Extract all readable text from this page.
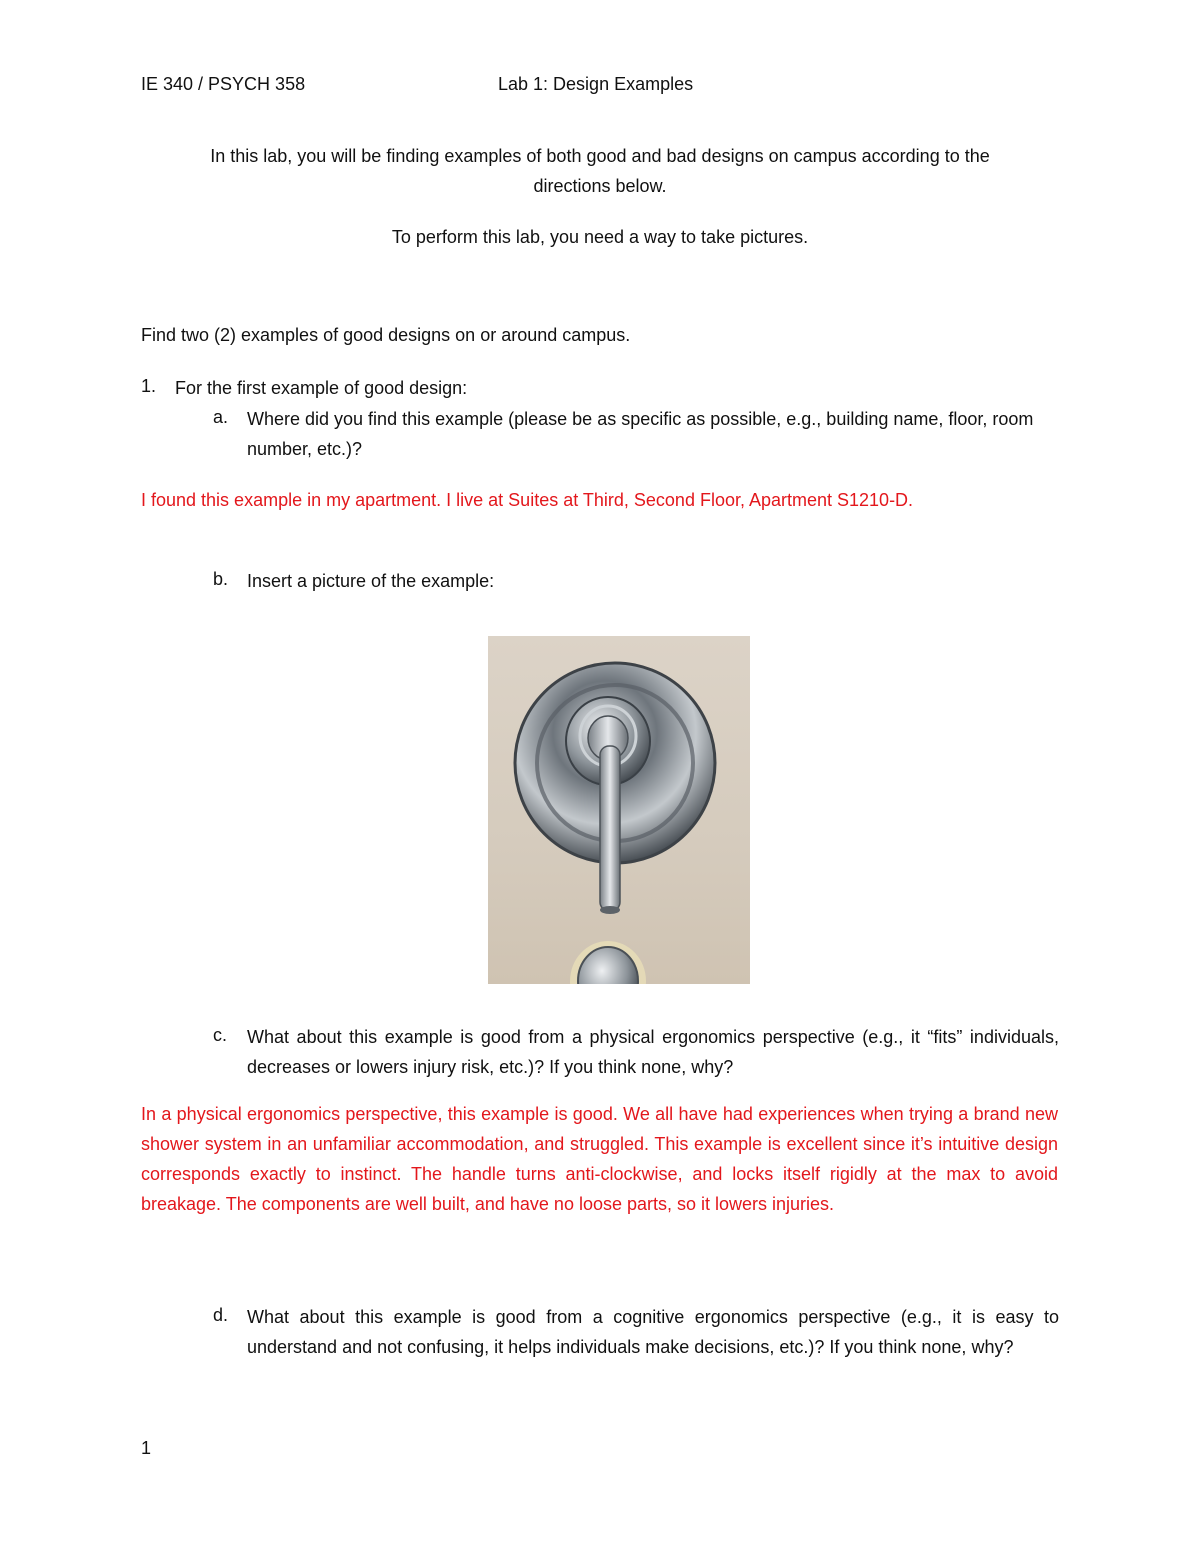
IE 340 / PSYCH 358	Lab 1: Design Examples
In this lab, you will be finding examples of both good and bad designs on campus according to the
directions below.
To perform this lab, you need a way to take pictures.
Find two (2) examples of good designs on or around campus.
1. For the first example of good design:
a. Where did you find this example (please be as specific as possible, e.g., building name, floor, room number, etc.)?
I found this example in my apartment. I live at Suites at Third, Second Floor, Apartment S1210-D.
b. Insert a picture of the example:
c. What about this example is good from a physical ergonomics perspective (e.g., it “fits” individuals, decreases or lowers injury risk, etc.)? If you think none, why?
In a physical ergonomics perspective, this example is good. We all have had experiences when trying a brand new shower system in an unfamiliar accommodation, and struggled. This example is excellent since it’s intuitive design corresponds exactly to instinct. The handle turns anti-clockwise, and locks itself rigidly at the max to avoid breakage. The components are well built, and have no loose parts, so it lowers injuries.
d. What about this example is good from a cognitive ergonomics perspective (e.g., it is easy to understand and not confusing, it helps individuals make decisions, etc.)? If you think none, why?
1
